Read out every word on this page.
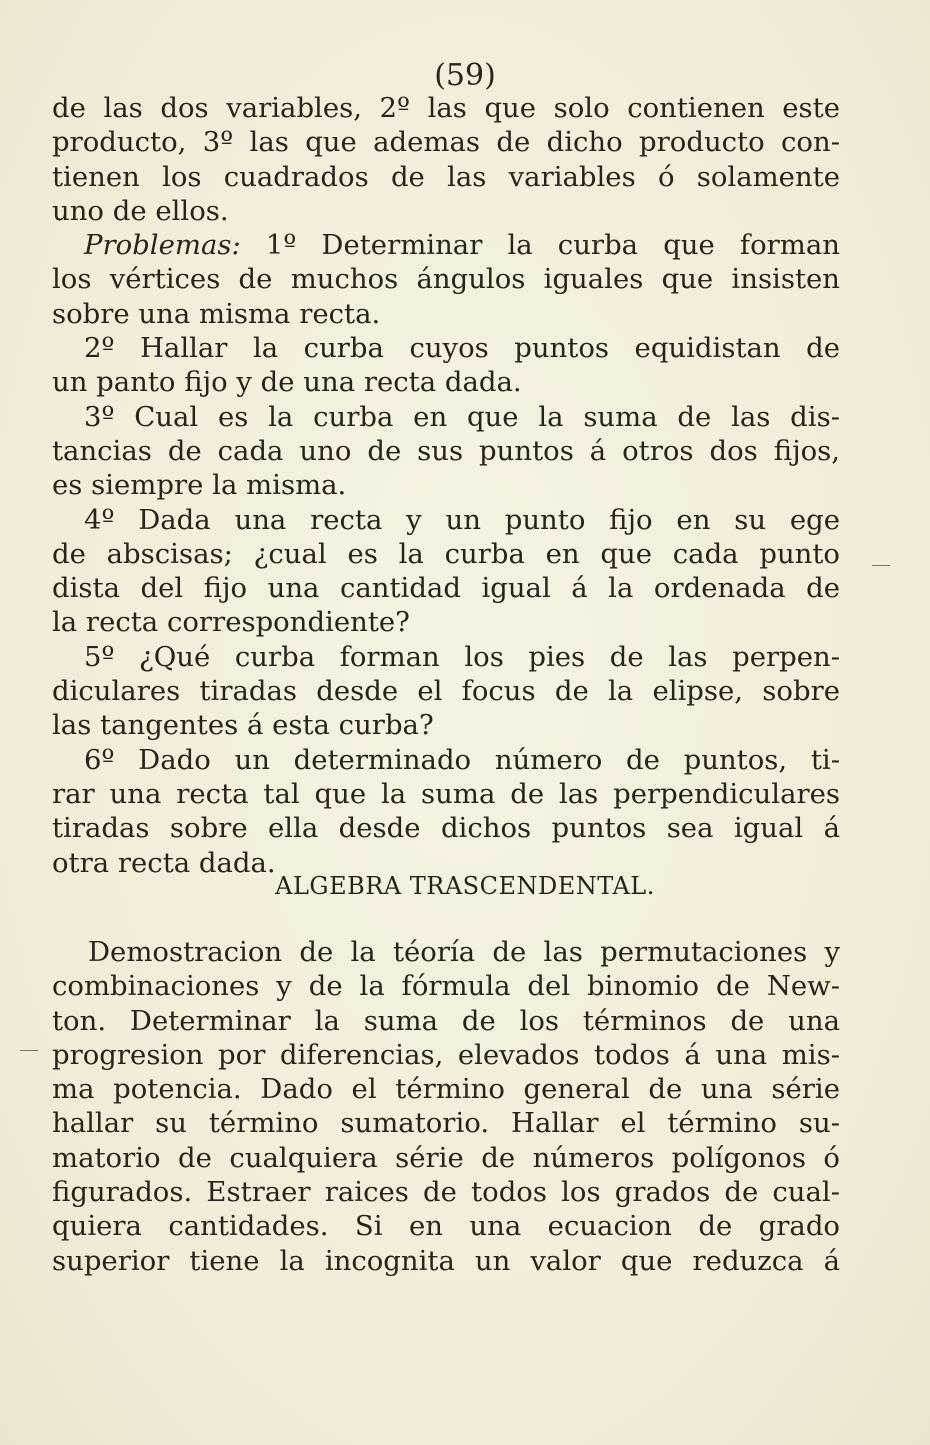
(59)
de las dos variables, 2º las que solo contienen este
producto, 3º las que ademas de dicho producto con-
tienen los cuadrados de las variables ó solamente
uno de ellos.
Problemas: 1º Determinar la curba que forman
los vértices de muchos ángulos iguales que insisten
sobre una misma recta.
2º Hallar la curba cuyos puntos equidistan de
un panto fijo y de una recta dada.
3º Cual es la curba en que la suma de las dis-
tancias de cada uno de sus puntos á otros dos fijos,
es siempre la misma.
4º Dada una recta y un punto fijo en su ege
de abscisas; ¿cual es la curba en que cada punto
dista del fijo una cantidad igual á la ordenada de
la recta correspondiente?
5º ¿Qué curba forman los pies de las perpen-
diculares tiradas desde el focus de la elipse, sobre
las tangentes á esta curba?
6º Dado un determinado número de puntos, ti-
rar una recta tal que la suma de las perpendiculares
tiradas sobre ella desde dichos puntos sea igual á
otra recta dada.
ALGEBRA TRASCENDENTAL.
Demostracion de la téoría de las permutaciones y
combinaciones y de la fórmula del binomio de New-
ton. Determinar la suma de los términos de una
progresion por diferencias, elevados todos á una mis-
ma potencia. Dado el término general de una série
hallar su término sumatorio. Hallar el término su-
matorio de cualquiera série de números polígonos ó
figurados. Estraer raices de todos los grados de cual-
quiera cantidades. Si en una ecuacion de grado
superior tiene la incognita un valor que reduzca á
